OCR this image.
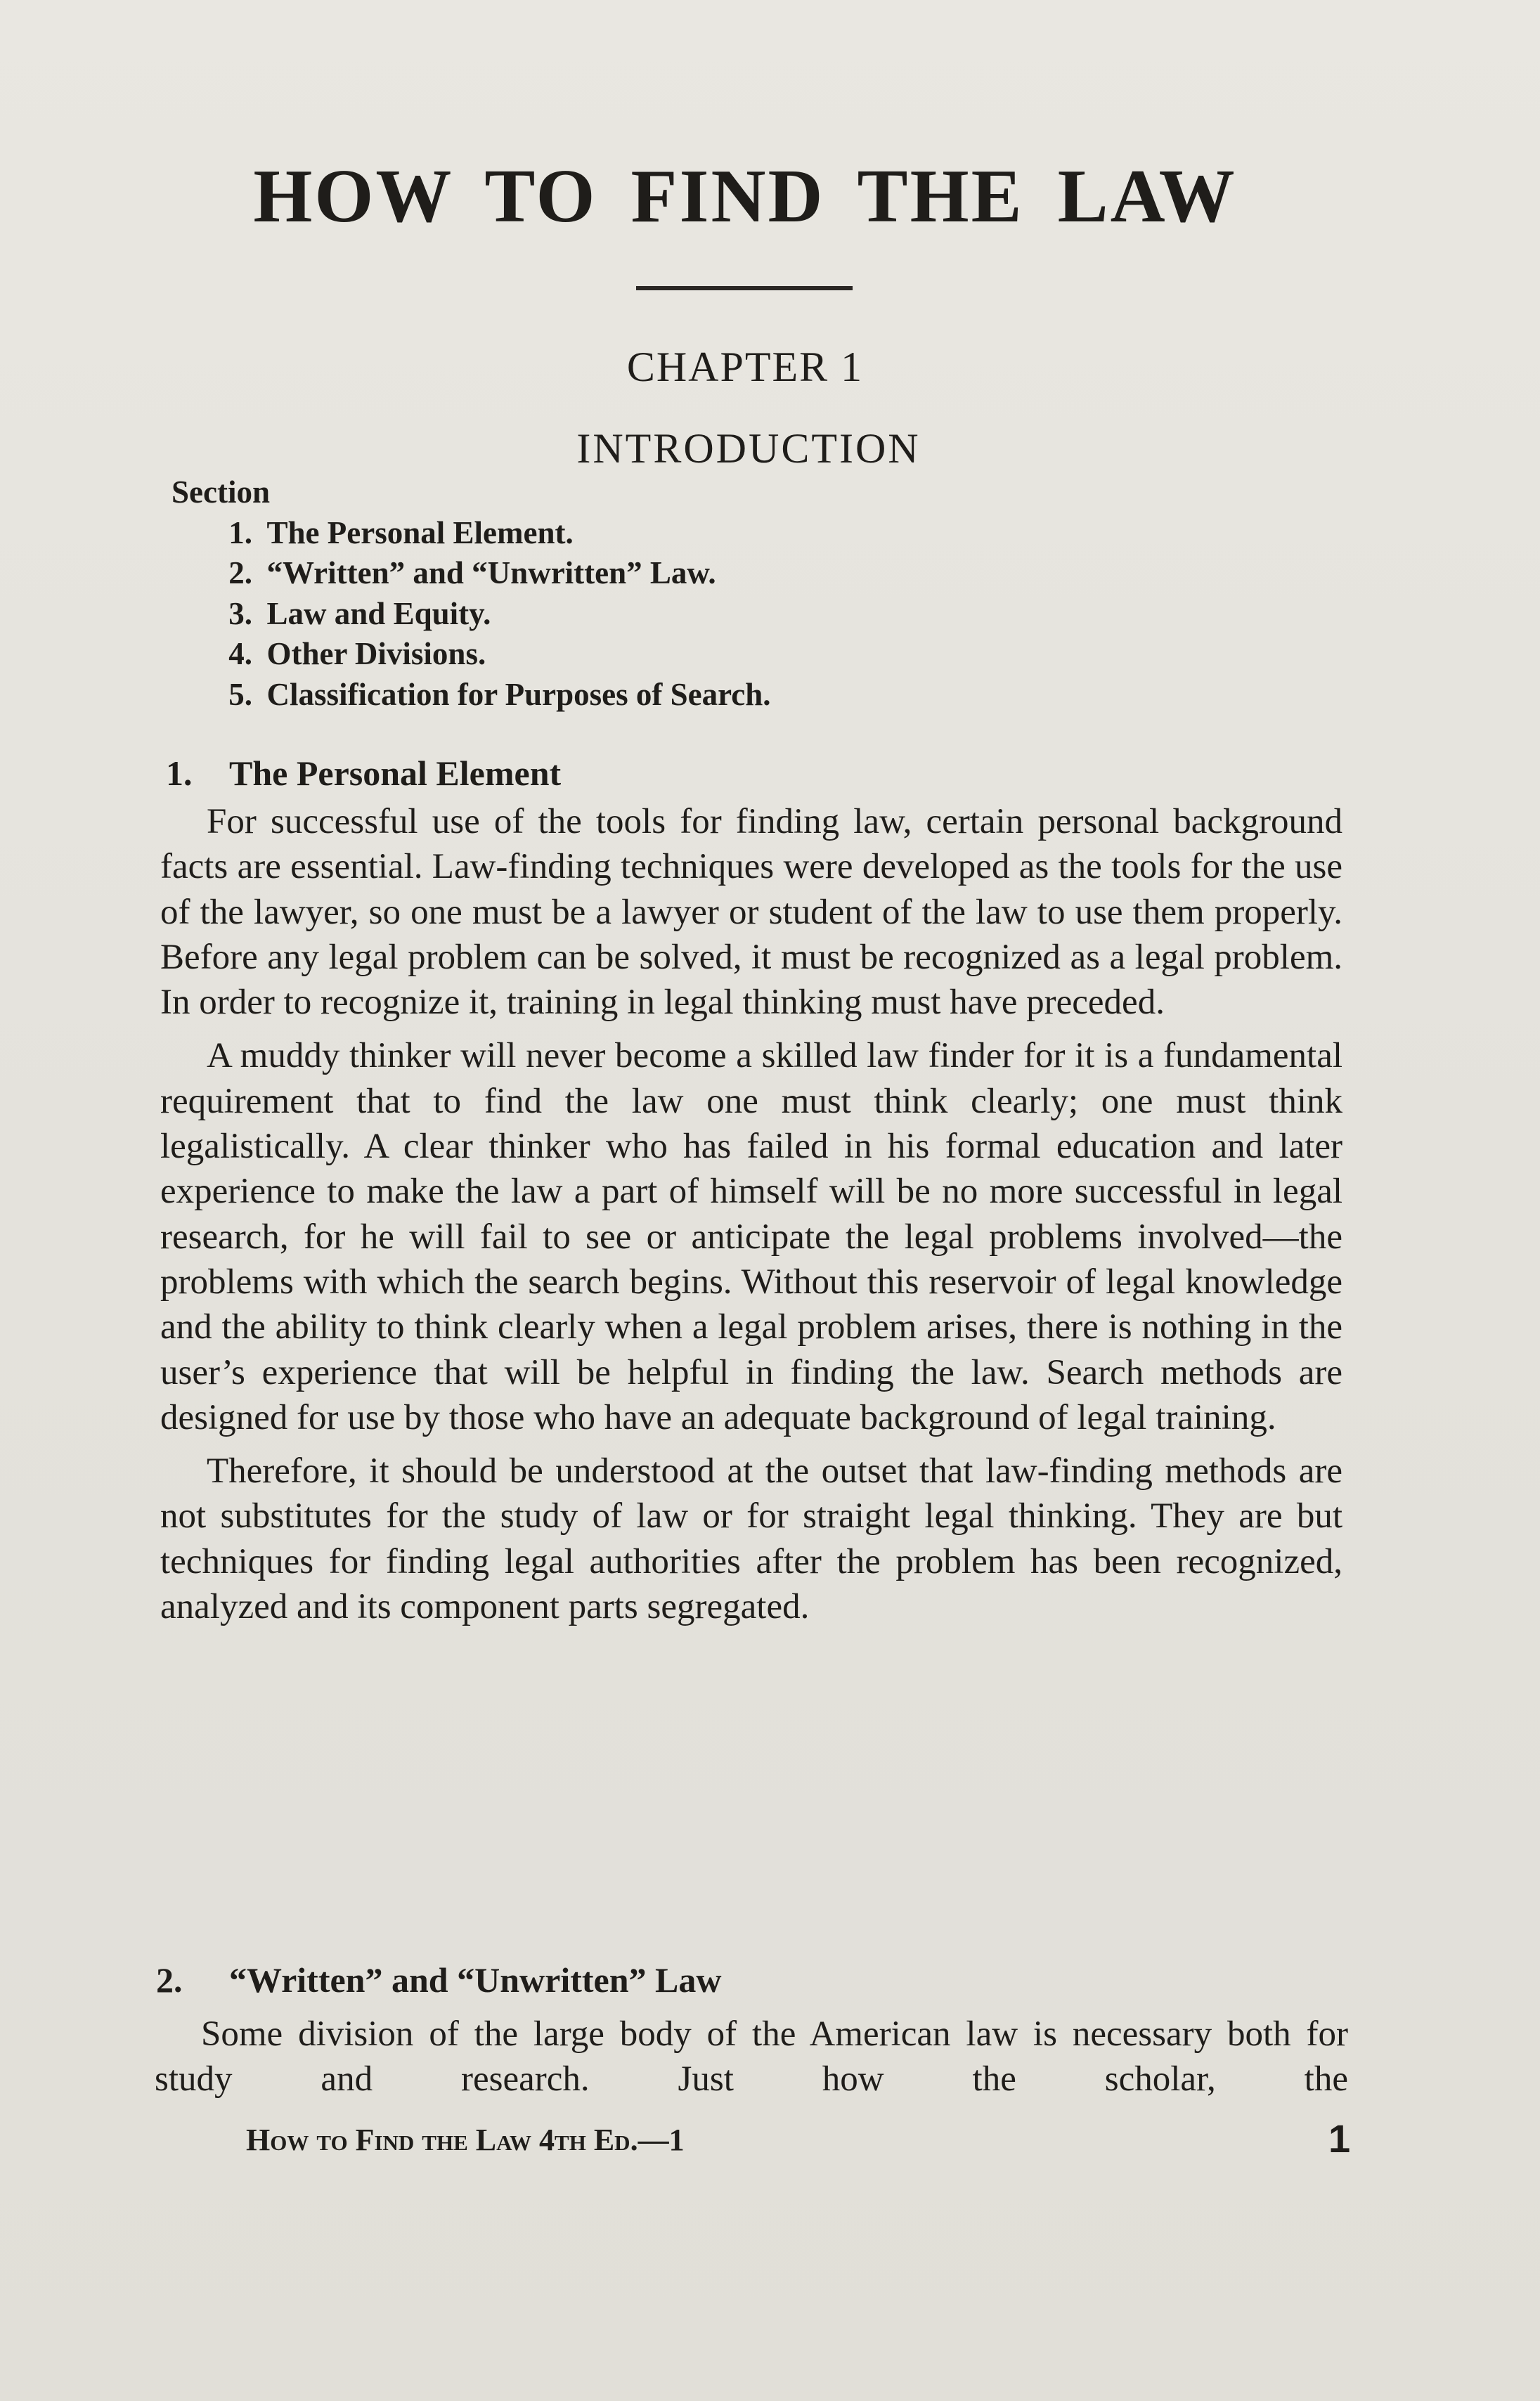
HOW TO FIND THE LAW
CHAPTER 1
INTRODUCTION
Section
1.
The Personal Element.
2.
“Written” and “Unwritten” Law.
3.
Law and Equity.
4.
Other Divisions.
5.
Classification for Purposes of Search.
1. The Personal Element

For successful use of the tools for finding law, certain personal background facts are essential. Law-finding techniques were developed as the tools for the use of the lawyer, so one must be a lawyer or student of the law to use them properly. Before any legal problem can be solved, it must be recognized as a legal problem. In order to recognize it, training in legal thinking must have preceded.

A muddy thinker will never become a skilled law finder for it is a fundamental requirement that to find the law one must think clearly; one must think legalistically. A clear thinker who has failed in his formal education and later experience to make the law a part of himself will be no more successful in legal research, for he will fail to see or anticipate the legal problems involved—the problems with which the search begins. Without this reservoir of legal knowledge and the ability to think clearly when a legal problem arises, there is nothing in the user’s experience that will be helpful in finding the law. Search methods are designed for use by those who have an adequate background of legal training.

Therefore, it should be understood at the outset that law-finding methods are not substitutes for the study of law or for straight legal thinking. They are but techniques for finding legal authorities after the problem has been recognized, analyzed and its component parts segregated.

2. “Written” and “Unwritten” Law

Some division of the large body of the American law is necessary both for study and research. Just how the scholar, the

How to Find the Law 4th Ed.—1	1
